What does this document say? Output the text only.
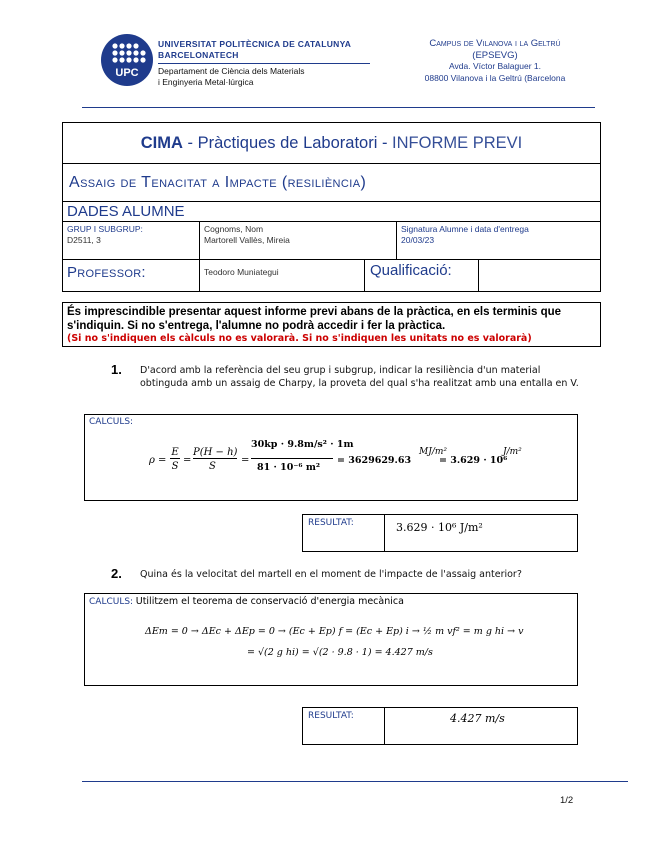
UPC
UNIVERSITAT POLITÈCNICA DE CATALUNYA
BARCELONATECH
Departament de Ciència dels Materials
i Enginyeria Metal·lúrgica
Campus de Vilanova i la Geltrú
(EPSEVG)
Avda. Víctor Balaguer 1.
08800 Vilanova i la Geltrú (Barcelona
CIMA - Pràctiques de Laboratori - INFORME PREVI
Assaig de Tenacitat a Impacte (resiliència)
DADES ALUMNE
GRUP I SUBGRUP:
D2511, 3
Cognoms, Nom
Martorell Vallès, Mireia
Signatura Alumne i data d'entrega
20/03/23
Professor:	Teodoro Muniategui	Qualificació:
És imprescindible presentar aquest informe previ abans de la pràctica, en els terminis que s'indiquin. Si no s'entrega, l'alumne no podrà accedir i fer la pràctica.
(Si no s'indiquen els càlculs no es valorarà. Si no s'indiquen les unitats no es valorarà)
1. D'acord amb la referència del seu grup i subgrup, indicar la resiliència d'un material obtinguda amb un assaig de Charpy, la proveta del qual s'ha realitzat amb una entalla en V.
CALCULS:
ρ =
E
S
=
P(H − h)
S
=
30kp · 9.8m/s² · 1m
81 · 10⁻⁶ m²
= 3629629.63
MJ/m²
= 3.629 · 10⁶
J/m²
RESULTAT:	3.629 · 10⁶ J/m²
2. Quina és la velocitat del martell en el moment de l'impacte de l'assaig anterior?
CALCULS: Utilitzem el teorema de conservació d'energia mecànica
ΔEm = 0 → ΔEc + ΔEp = 0 → (Ec + Ep) f = (Ec + Ep) i → ½ m vf² = m g hi → v
= √(2 g hi) = √(2 · 9.8 · 1) = 4.427 m/s
RESULTAT:	4.427 m/s
1/2
